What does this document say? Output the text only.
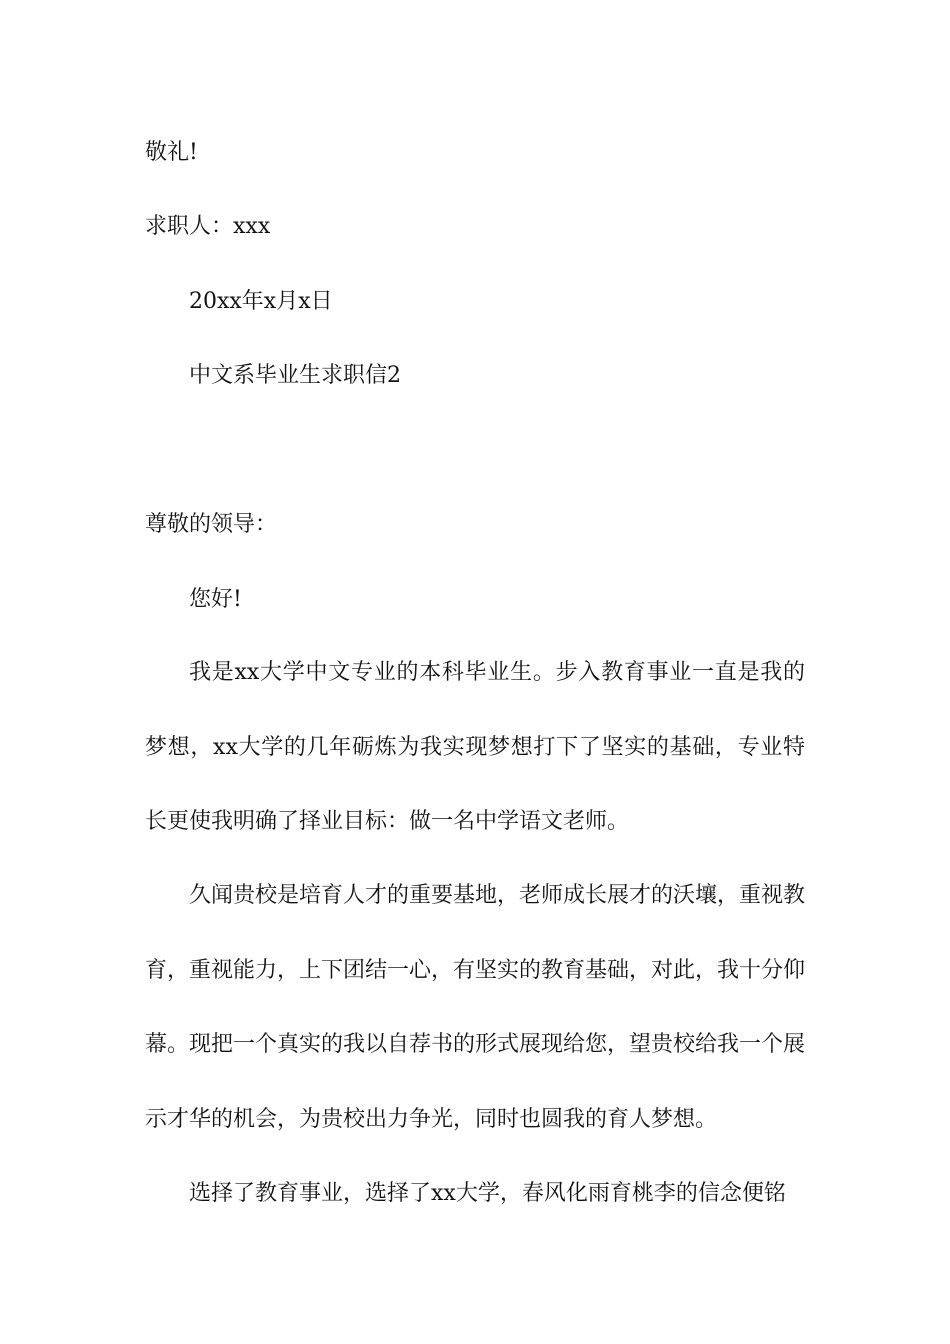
敬礼!
求职人：xxx
20xx年x月x日
中文系毕业生求职信2
尊敬的领导：
您好!

我是xx大学中文专业的本科毕业生。步入教育事业一直是我的梦想，xx大学的几年砺炼为我实现梦想打下了坚实的基础，专业特长更使我明确了择业目标：做一名中学语文老师。

久闻贵校是培育人才的重要基地，老师成长展才的沃壤，重视教育，重视能力，上下团结一心，有坚实的教育基础，对此，我十分仰幕。现把一个真实的我以自荐书的形式展现给您，望贵校给我一个展示才华的机会，为贵校出力争光，同时也圆我的育人梦想。

选择了教育事业，选择了xx大学，春风化雨育桃李的信念便铭
